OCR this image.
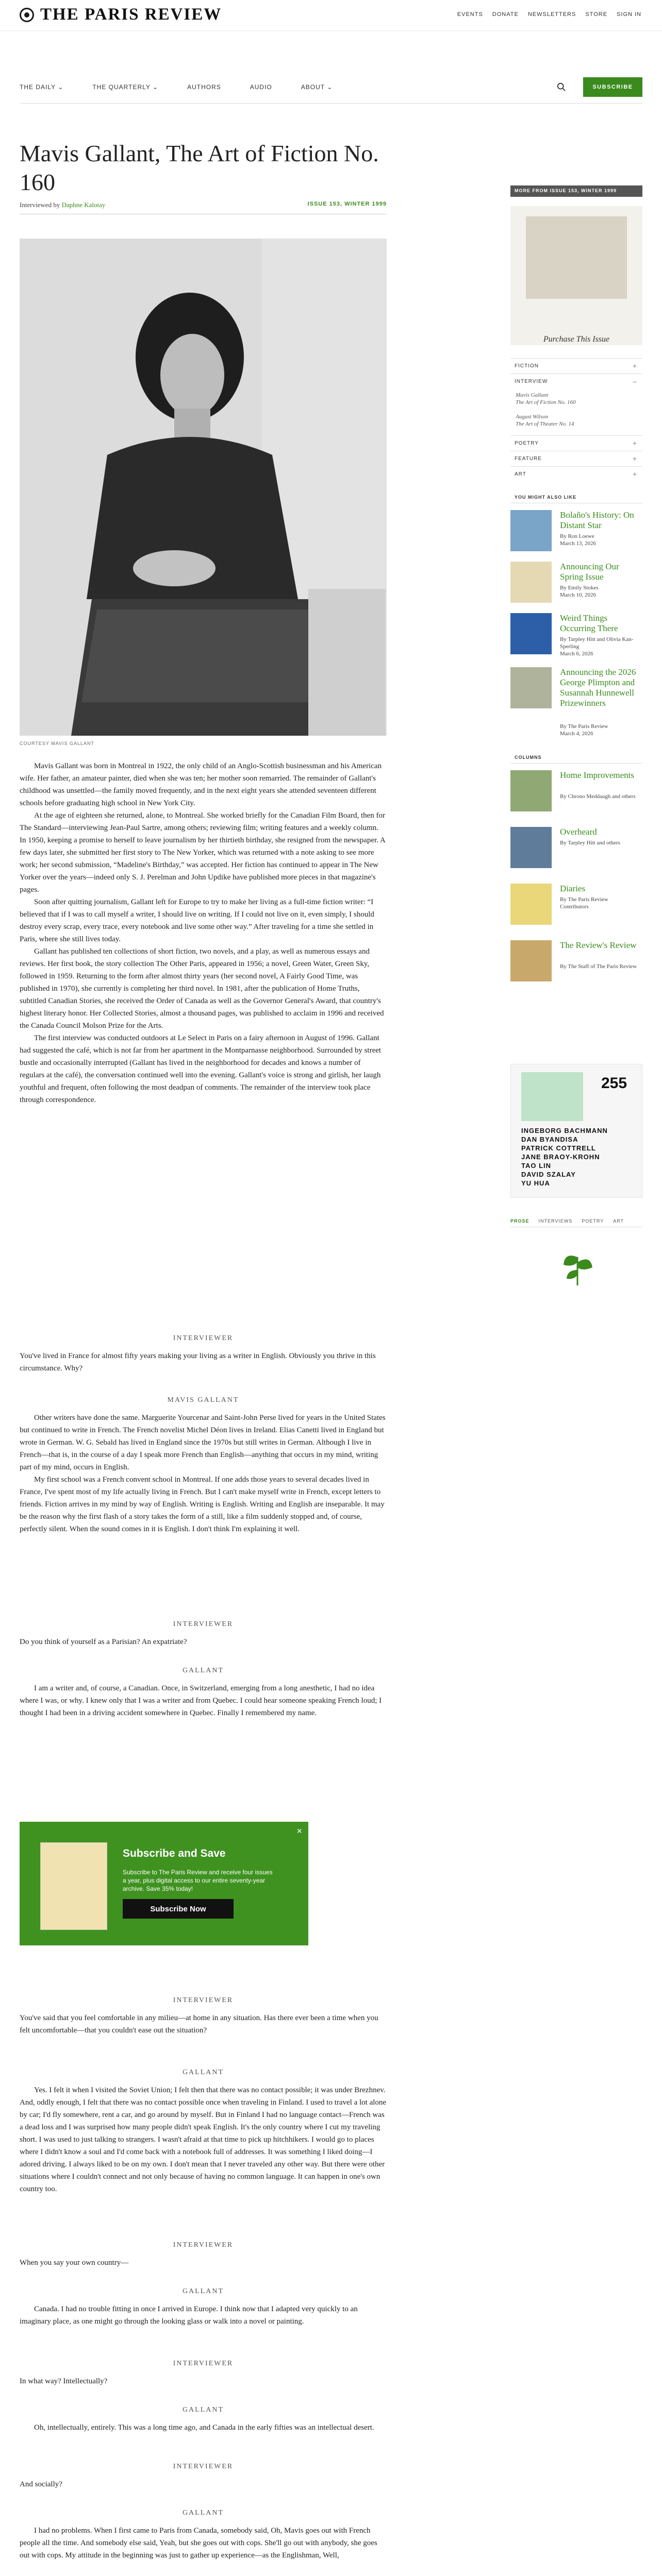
THE PARIS REVIEW	EVENTS DONATE NEWSLETTERS STORE SIGN IN
THE DAILY ⌄	THE QUARTERLY ⌄	AUTHORS	AUDIO	ABOUT ⌄	SUBSCRIBE
Mavis Gallant, The Art of Fiction No. 160
Interviewed by Daphne Kalotay	ISSUE 153, WINTER 1999
COURTESY MAVIS GALLANT

Mavis Gallant was born in Montreal in 1922, the only child of an Anglo-Scottish businessman and his American wife. Her father, an amateur painter, died when she was ten; her mother soon remarried. The remainder of Gallant's childhood was unsettled—the family moved frequently, and in the next eight years she attended seventeen different schools before graduating high school in New York City.

At the age of eighteen she returned, alone, to Montreal. She worked briefly for the Canadian Film Board, then for The Standard—interviewing Jean-Paul Sartre, among others; reviewing film; writing features and a weekly column. In 1950, keeping a promise to herself to leave journalism by her thirtieth birthday, she resigned from the newspaper. A few days later, she submitted her first story to The New Yorker, which was returned with a note asking to see more work; her second submission, “Madeline's Birthday,” was accepted. Her fiction has continued to appear in The New Yorker over the years—indeed only S. J. Perelman and John Updike have published more pieces in that magazine's pages.

Soon after quitting journalism, Gallant left for Europe to try to make her living as a full-time fiction writer: “I believed that if I was to call myself a writer, I should live on writing. If I could not live on it, even simply, I should destroy every scrap, every trace, every notebook and live some other way.” After traveling for a time she settled in Paris, where she still lives today.

Gallant has published ten collections of short fiction, two novels, and a play, as well as numerous essays and reviews. Her first book, the story collection The Other Paris, appeared in 1956; a novel, Green Water, Green Sky, followed in 1959. Returning to the form after almost thirty years (her second novel, A Fairly Good Time, was published in 1970), she currently is completing her third novel. In 1981, after the publication of Home Truths, subtitled Canadian Stories, she received the Order of Canada as well as the Governor General's Award, that country's highest literary honor. Her Collected Stories, almost a thousand pages, was published to acclaim in 1996 and received the Canada Council Molson Prize for the Arts.

The first interview was conducted outdoors at Le Select in Paris on a fairy afternoon in August of 1996. Gallant had suggested the café, which is not far from her apartment in the Montparnasse neighborhood. Surrounded by street bustle and occasionally interrupted (Gallant has lived in the neighborhood for decades and knows a number of regulars at the café), the conversation continued well into the evening. Gallant's voice is strong and girlish, her laugh youthful and frequent, often following the most deadpan of comments. The remainder of the interview took place through correspondence.

INTERVIEWER
You've lived in France for almost fifty years making your living as a writer in English. Obviously you thrive in this circumstance. Why?
MAVIS GALLANT

Other writers have done the same. Marguerite Yourcenar and Saint-John Perse lived for years in the United States but continued to write in French. The French novelist Michel Déon lives in Ireland. Elias Canetti lived in England but wrote in German. W. G. Sebald has lived in England since the 1970s but still writes in German. Although I live in French—that is, in the course of a day I speak more French than English—anything that occurs in my mind, writing part of my mind, occurs in English.

My first school was a French convent school in Montreal. If one adds those years to several decades lived in France, I've spent most of my life actually living in French. But I can't make myself write in French, except letters to friends. Fiction arrives in my mind by way of English. Writing is English. Writing and English are inseparable. It may be the reason why the first flash of a story takes the form of a still, like a film suddenly stopped and, of course, perfectly silent. When the sound comes in it is English. I don't think I'm explaining it well.

INTERVIEWER
Do you think of yourself as a Parisian? An expatriate?
GALLANT

I am a writer and, of course, a Canadian. Once, in Switzerland, emerging from a long anesthetic, I had no idea where I was, or why. I knew only that I was a writer and from Quebec. I could hear someone speaking French loud; I thought I had been in a driving accident somewhere in Quebec. Finally I remembered my name.

×
Subscribe and Save
Subscribe to The Paris Review and receive four issues a year, plus digital access to our entire seventy-year archive. Save 35% today!
Subscribe Now
INTERVIEWER
You've said that you feel comfortable in any milieu—at home in any situation. Has there ever been a time when you felt uncomfortable—that you couldn't ease out the situation?
GALLANT

Yes. I felt it when I visited the Soviet Union; I felt then that there was no contact possible; it was under Brezhnev. And, oddly enough, I felt that there was no contact possible once when traveling in Finland. I used to travel a lot alone by car; I'd fly somewhere, rent a car, and go around by myself. But in Finland I had no language contact—French was a dead loss and I was surprised how many people didn't speak English. It's the only country where I cut my traveling short. I was used to just talking to strangers. I wasn't afraid at that time to pick up hitchhikers. I would go to places where I didn't know a soul and I'd come back with a notebook full of addresses. It was something I liked doing—I adored driving. I always liked to be on my own. I don't mean that I never traveled any other way. But there were other situations where I couldn't connect and not only because of having no common language. It can happen in one's own country too.

INTERVIEWER
When you say your own country—
GALLANT

Canada. I had no trouble fitting in once I arrived in Europe. I think now that I adapted very quickly to an imaginary place, as one might go through the looking glass or walk into a novel or painting.

INTERVIEWER
In what way? Intellectually?
GALLANT

Oh, intellectually, entirely. This was a long time ago, and Canada in the early fifties was an intellectual desert.

INTERVIEWER
And socially?
GALLANT

I had no problems. When I first came to Paris from Canada, somebody said, Oh, Mavis goes out with French people all the time. And somebody else said, Yeah, but she goes out with cops. She'll go out with anybody, she goes out with cops. My attitude in the beginning was just to gather up experience—as the Englishman, Well,

MORE FROM ISSUE 153, WINTER 1999
Purchase This Issue
FICTION	+
INTERVIEW	–
Mavis Gallant
The Art of Fiction No. 160

August Wilson
The Art of Theater No. 14
POETRY	+
FEATURE	+
ART	+
YOU MIGHT ALSO LIKE
Bolaño's History: On Distant Star
By Ron Loewe
March 13, 2026
Announcing Our Spring Issue
By Emily Stokes
March 10, 2026
Weird Things Occurring There
By Tarpley Hitt and Olivia Kan-Sperling
March 6, 2026
Announcing the 2026 George Plimpton and Susannah Hunnewell Prizewinners
By The Paris Review
March 4, 2026
COLUMNS
Home Improvements
By Chrono Meddaugh and others
Overheard
By Tarpley Hitt and others
Diaries
By The Paris Review
Contributors
The Review's Review
By The Staff of The Paris Review
255
INGEBORG BACHMANN
DAN BYANDISA
PATRICK COTTRELL
JANE BRAOY-KROHN
TAO LIN
DAVID SZALAY
YU HUA
PROSE INTERVIEWS POETRY ART
